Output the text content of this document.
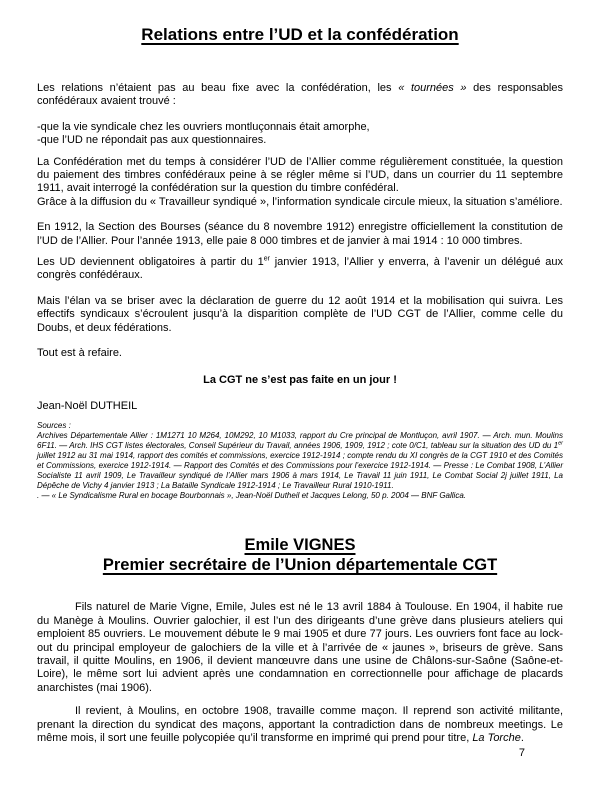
Relations entre l’UD et la confédération
Les relations n’étaient pas au beau fixe avec la confédération, les « tournées » des responsables confédéraux avaient trouvé :
-que la vie syndicale chez les ouvriers montluçonnais était amorphe,
-que l’UD ne répondait pas aux questionnaires.
La Confédération met du temps à considérer l’UD de l’Allier comme régulièrement constituée, la question du paiement des timbres confédéraux peine à se régler même si l’UD, dans un courrier du 11 septembre 1911, avait interrogé la confédération sur la question du timbre confédéral.
Grâce à la diffusion du « Travailleur syndiqué », l’information syndicale circule mieux, la situation s’améliore.
En 1912, la Section des Bourses (séance du 8 novembre 1912) enregistre officiellement la constitution de l’UD de l’Allier. Pour l’année 1913, elle paie 8 000 timbres et de janvier à mai 1914 : 10 000 timbres.
Les UD deviennent obligatoires à partir du 1er janvier 1913, l’Allier y enverra, à l’avenir un délégué aux congrès confédéraux.
Mais l’élan va se briser avec la déclaration de guerre du 12 août 1914 et la mobilisation qui suivra. Les effectifs syndicaux s’écroulent jusqu’à la disparition complète de l’UD CGT de l’Allier, comme celle du Doubs, et deux fédérations.
Tout est à refaire.
La CGT ne s’est pas faite en un jour !
Jean-Noël DUTHEIL
Sources :
Archives Départementale Allier : 1M1271 10 M264, 10M292, 10 M1033, rapport du Cre principal de Montluçon, avril 1907. — Arch. mun. Moulins 6F11. — Arch. IHS CGT listes électorales, Conseil Supérieur du Travail, années 1906, 1909, 1912 ; cote 0/C1, tableau sur la situation des UD du 1er juillet 1912 au 31 mai 1914, rapport des comités et commissions, exercice 1912-1914 ; compte rendu du XI congrès de la CGT 1910 et des Comités et Commissions, exercice 1912-1914. — Rapport des Comités et des Commissions pour l’exercice 1912-1914. — Presse : Le Combat 1908, L’Allier Socialiste 11 avril 1909, Le Travailleur syndiqué de l’Allier mars 1906 à mars 1914, Le Travail 11 juin 1911, Le Combat Social 2j juillet 1911, La Dépêche de Vichy 4 janvier 1913 ; La Bataille Syndicale 1912-1914 ; Le Travailleur Rural 1910-1911.
. — « Le Syndicalisme Rural en bocage Bourbonnais », Jean-Noël Dutheil et Jacques Lelong, 50 p. 2004 — BNF Gallica.
Emile VIGNES
Premier secrétaire de l’Union départementale CGT
Fils naturel de Marie Vigne, Emile, Jules est né le 13 avril 1884 à Toulouse. En 1904, il habite rue du Manège à Moulins. Ouvrier galochier, il est l’un des dirigeants d’une grève dans plusieurs ateliers qui emploient 85 ouvriers. Le mouvement débute le 9 mai 1905 et dure 77 jours. Les ouvriers font face au lock-out du principal employeur de galochiers de la ville et à l’arrivée de « jaunes », briseurs de grève. Sans travail, il quitte Moulins, en 1906, il devient manœuvre dans une usine de Châlons-sur-Saône (Saône-et-Loire), le même sort lui advient après une condamnation en correctionnelle pour affichage de placards anarchistes (mai 1906).
Il revient, à Moulins, en octobre 1908, travaille comme maçon. Il reprend son activité militante, prenant la direction du syndicat des maçons, apportant la contradiction dans de nombreux meetings. Le même mois, il sort une feuille polycopiée qu’il transforme en imprimé qui prend pour titre, La Torche.
7
